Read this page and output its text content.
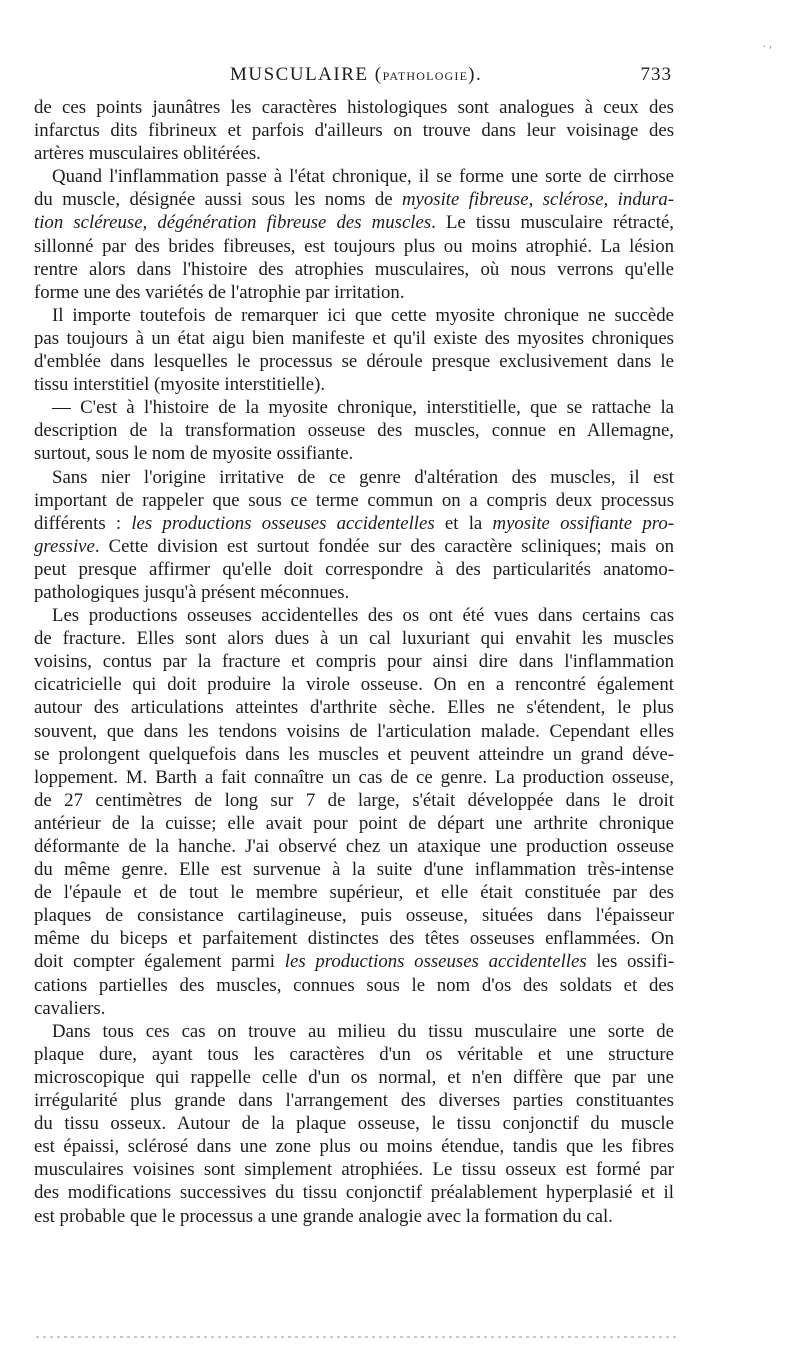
. ,
MUSCULAIRE (PATHOLOGIE).	733
de ces points jaunâtres les caractères histologiques sont analogues à ceux des
infarctus dits fibrineux et parfois d'ailleurs on trouve dans leur voisinage des
artères musculaires oblitérées.
Quand l'inflammation passe à l'état chronique, il se forme une sorte de cirrhose
du muscle, désignée aussi sous les noms de myosite fibreuse, sclérose, indura-
tion scléreuse, dégénération fibreuse des muscles. Le tissu musculaire rétracté,
sillonné par des brides fibreuses, est toujours plus ou moins atrophié. La lésion
rentre alors dans l'histoire des atrophies musculaires, où nous verrons qu'elle
forme une des variétés de l'atrophie par irritation.
Il importe toutefois de remarquer ici que cette myosite chronique ne succède
pas toujours à un état aigu bien manifeste et qu'il existe des myosites chroniques
d'emblée dans lesquelles le processus se déroule presque exclusivement dans le
tissu interstitiel (myosite interstitielle).
— C'est à l'histoire de la myosite chronique, interstitielle, que se rattache la
description de la transformation osseuse des muscles, connue en Allemagne,
surtout, sous le nom de myosite ossifiante.
Sans nier l'origine irritative de ce genre d'altération des muscles, il est
important de rappeler que sous ce terme commun on a compris deux processus
différents : les productions osseuses accidentelles et la myosite ossifiante pro-
gressive. Cette division est surtout fondée sur des caractère scliniques; mais on
peut presque affirmer qu'elle doit correspondre à des particularités anatomo-
pathologiques jusqu'à présent méconnues.
Les productions osseuses accidentelles des os ont été vues dans certains cas
de fracture. Elles sont alors dues à un cal luxuriant qui envahit les muscles
voisins, contus par la fracture et compris pour ainsi dire dans l'inflammation
cicatricielle qui doit produire la virole osseuse. On en a rencontré également
autour des articulations atteintes d'arthrite sèche. Elles ne s'étendent, le plus
souvent, que dans les tendons voisins de l'articulation malade. Cependant elles
se prolongent quelquefois dans les muscles et peuvent atteindre un grand déve-
loppement. M. Barth a fait connaître un cas de ce genre. La production osseuse,
de 27 centimètres de long sur 7 de large, s'était développée dans le droit
antérieur de la cuisse; elle avait pour point de départ une arthrite chronique
déformante de la hanche. J'ai observé chez un ataxique une production osseuse
du même genre. Elle est survenue à la suite d'une inflammation très-intense
de l'épaule et de tout le membre supérieur, et elle était constituée par des
plaques de consistance cartilagineuse, puis osseuse, situées dans l'épaisseur
même du biceps et parfaitement distinctes des têtes osseuses enflammées. On
doit compter également parmi les productions osseuses accidentelles les ossifi-
cations partielles des muscles, connues sous le nom d'os des soldats et des
cavaliers.
Dans tous ces cas on trouve au milieu du tissu musculaire une sorte de
plaque dure, ayant tous les caractères d'un os véritable et une structure
microscopique qui rappelle celle d'un os normal, et n'en diffère que par une
irrégularité plus grande dans l'arrangement des diverses parties constituantes
du tissu osseux. Autour de la plaque osseuse, le tissu conjonctif du muscle
est épaissi, sclérosé dans une zone plus ou moins étendue, tandis que les fibres
musculaires voisines sont simplement atrophiées. Le tissu osseux est formé par
des modifications successives du tissu conjonctif préalablement hyperplasié et il
est probable que le processus a une grande analogie avec la formation du cal.
